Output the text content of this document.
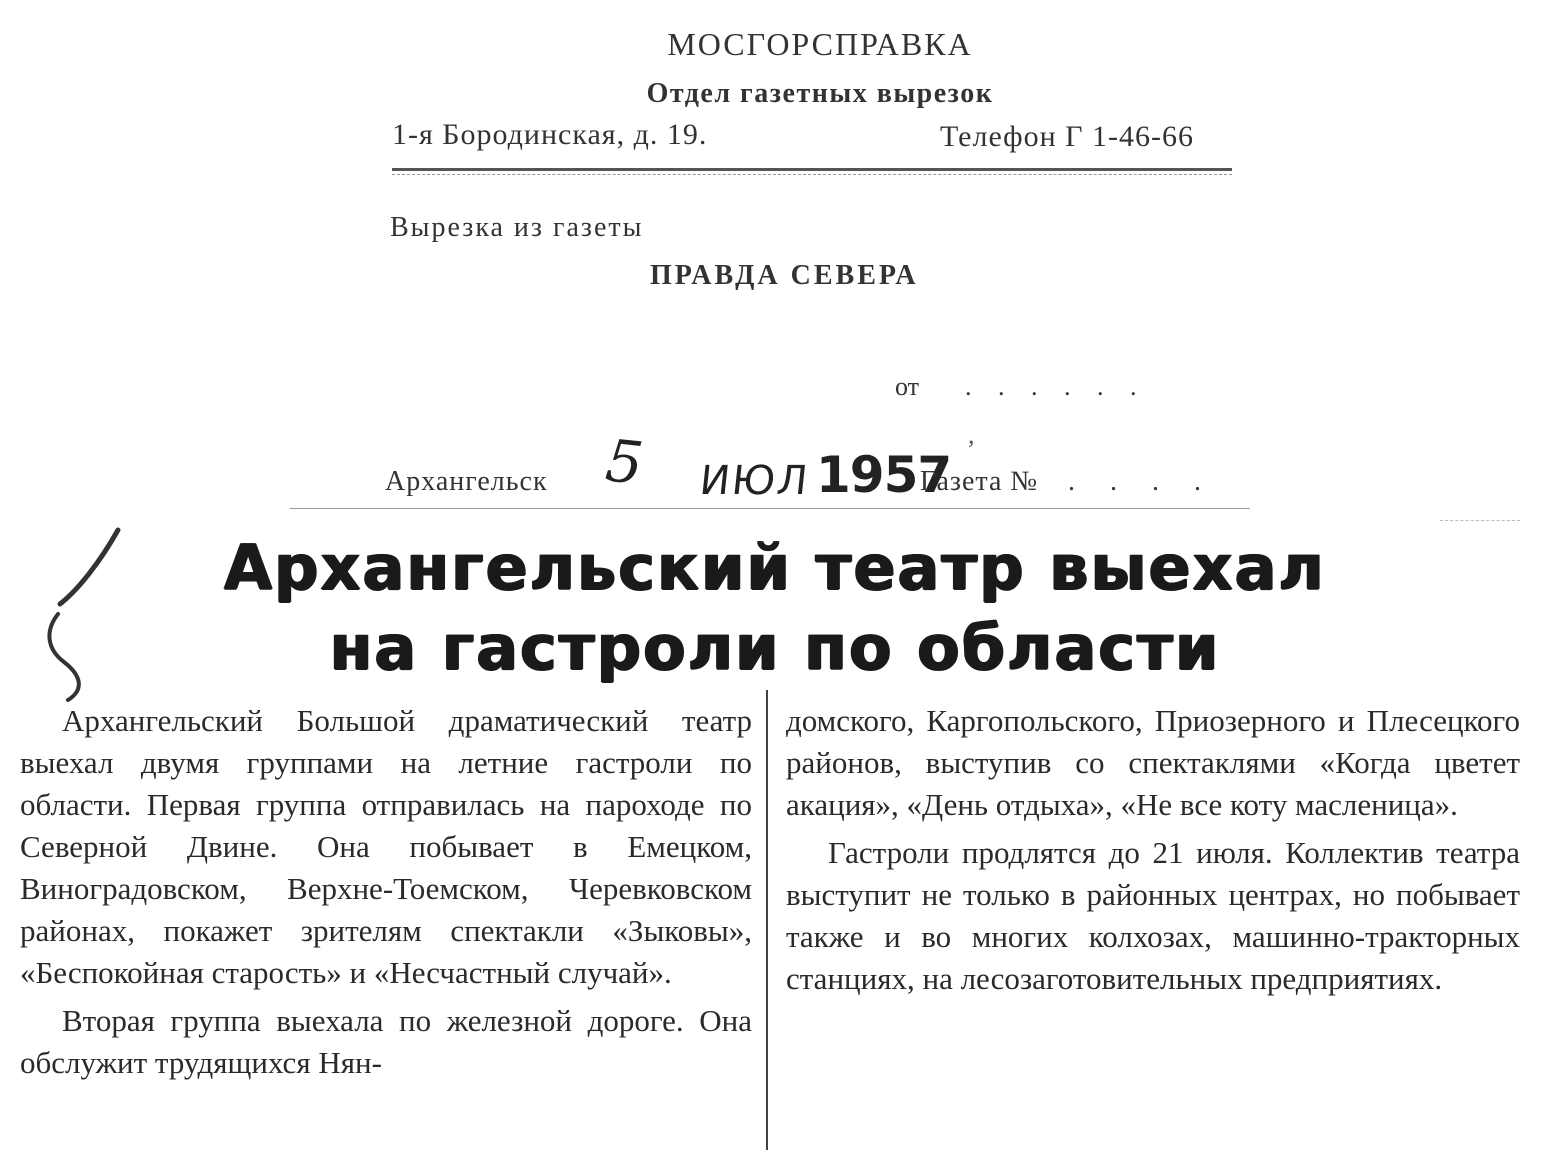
МОСГОРСПРАВКА
Отдел газетных вырезок
1-я Бородинская, д. 19.	Телефон Г 1-46-66
Вырезка из газеты
ПРАВДА СЕВЕРА
от . . . . . .
,
Архангельск 5 ИЮЛ 1957
Газета № . . . .
Архангельский театр выехал
на гастроли по области

Архангельский Большой драматический театр выехал двумя группами на летние гастроли по области. Первая группа отправилась на пароходе по Северной Двине. Она побывает в Емецком, Виноградовском, Верхне-Тоемском, Черевковском районах, покажет зрителям спектакли «Зыковы», «Беспокойная старость» и «Несчастный случай».

Вторая группа выехала по железной дороге. Она обслужит трудящихся Нян-

домского, Каргопольского, Приозерного и Плесецкого районов, выступив со спектаклями «Когда цветет акация», «День отдыха», «Не все коту масленица».

Гастроли продлятся до 21 июля. Коллектив театра выступит не только в районных центрах, но побывает также и во многих колхозах, машинно-тракторных станциях, на лесозаготовительных предприятиях.
